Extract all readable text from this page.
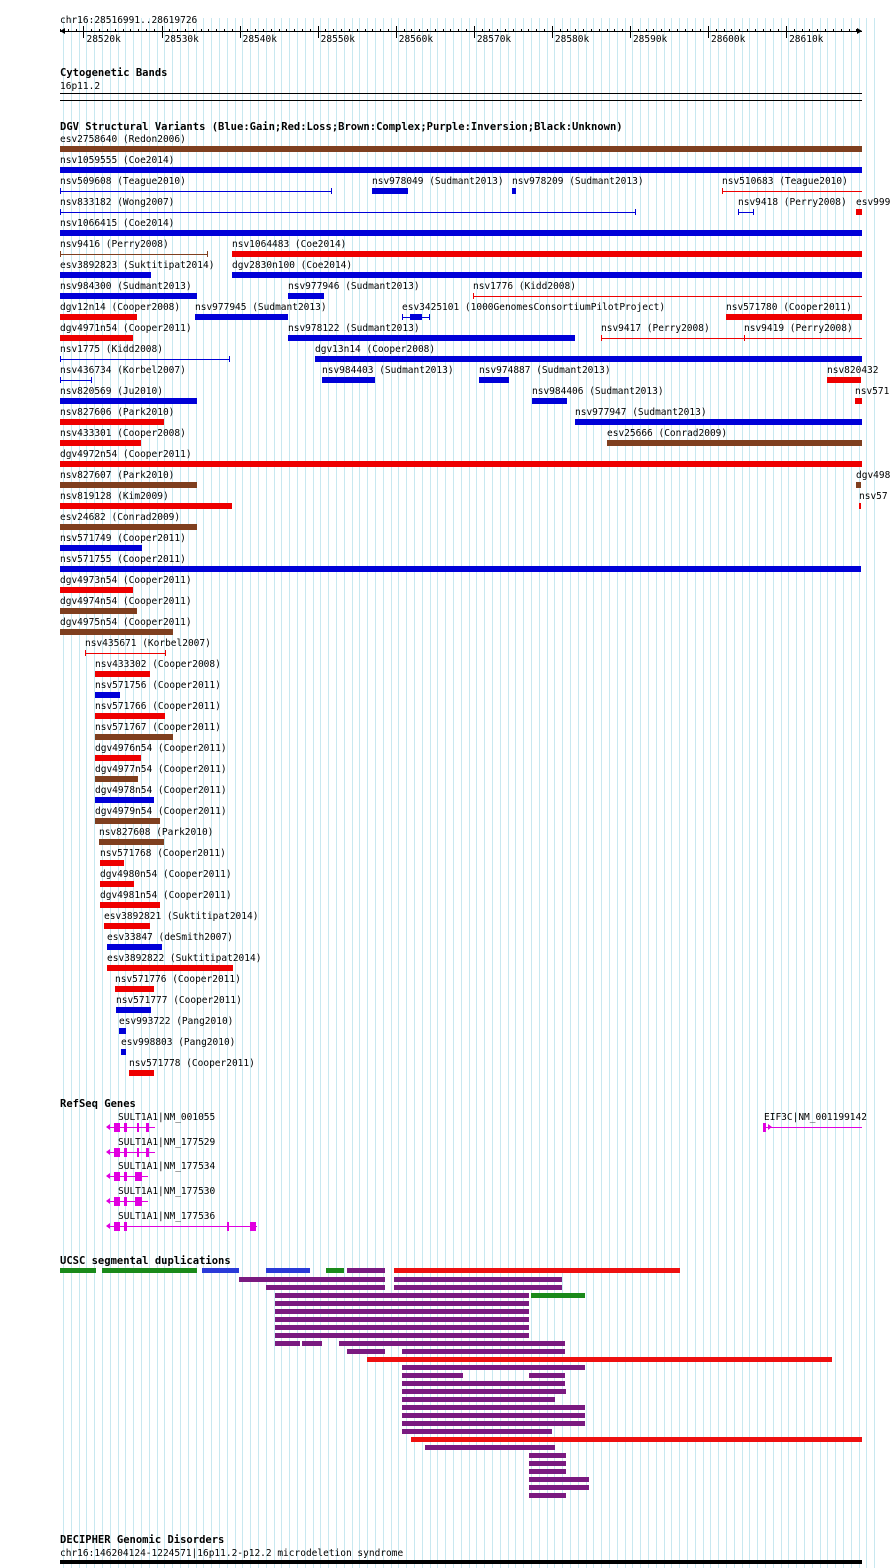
chr16:28516991..28619726
28520k	28530k	28540k	28550k	28560k	28570k	28580k	28590k	28600k	28610k
Cytogenetic Bands
16p11.2
DGV Structural Variants (Blue:Gain;Red:Loss;Brown:Complex;Purple:Inversion;Black:Unknown)
esv2758640 (Redon2006)
nsv1059555 (Coe2014)
nsv509608 (Teague2010)	nsv978049 (Sudmant2013) nsv978209 (Sudmant2013)	nsv510683 (Teague2010)
nsv833182 (Wong2007)	nsv9418 (Perry2008) esv999
nsv1066415 (Coe2014)
nsv9416 (Perry2008)	nsv1064483 (Coe2014)
esv3892823 (Suktitipat2014) dgv2830n100 (Coe2014)
nsv984300 (Sudmant2013)	nsv977946 (Sudmant2013)	nsv1776 (Kidd2008)
dgv12n14 (Cooper2008) nsv977945 (Sudmant2013)	esv3425101 (1000GenomesConsortiumPilotProject)	nsv571780 (Cooper2011)
dgv4971n54 (Cooper2011)	nsv978122 (Sudmant2013)	nsv9417 (Perry2008)	nsv9419 (Perry2008)
nsv1775 (Kidd2008)	dgv13n14 (Cooper2008)
nsv436734 (Korbel2007)	nsv984403 (Sudmant2013)	nsv974887 (Sudmant2013)	nsv820432
nsv820569 (Ju2010)	nsv984406 (Sudmant2013)	nsv571
nsv827606 (Park2010)	nsv977947 (Sudmant2013)
nsv433301 (Cooper2008)	esv25666 (Conrad2009)
dgv4972n54 (Cooper2011)
nsv827607 (Park2010)	dgv498
nsv819128 (Kim2009)	nsv57
esv24682 (Conrad2009)
nsv571749 (Cooper2011)
nsv571755 (Cooper2011)
dgv4973n54 (Cooper2011)
dgv4974n54 (Cooper2011)
dgv4975n54 (Cooper2011)
nsv435671 (Korbel2007)
nsv433302 (Cooper2008)
nsv571756 (Cooper2011)
nsv571766 (Cooper2011)
nsv571767 (Cooper2011)
dgv4976n54 (Cooper2011)
dgv4977n54 (Cooper2011)
dgv4978n54 (Cooper2011)
dgv4979n54 (Cooper2011)
nsv827608 (Park2010)
nsv571768 (Cooper2011)
dgv4980n54 (Cooper2011)
dgv4981n54 (Cooper2011)
esv3892821 (Suktitipat2014)
esv33847 (deSmith2007)
esv3892822 (Suktitipat2014)
nsv571776 (Cooper2011)
nsv571777 (Cooper2011)
esv993722 (Pang2010)
esv998803 (Pang2010)
nsv571778 (Cooper2011)
RefSeq Genes
SULT1A1|NM_001055
SULT1A1|NM_177529
SULT1A1|NM_177534
SULT1A1|NM_177530
SULT1A1|NM_177536
EIF3C|NM_001199142
UCSC segmental duplications
DECIPHER Genomic Disorders
chr16:14620412⁠4-1224571|16p11.2-p12.2 microdeletion syndrome
